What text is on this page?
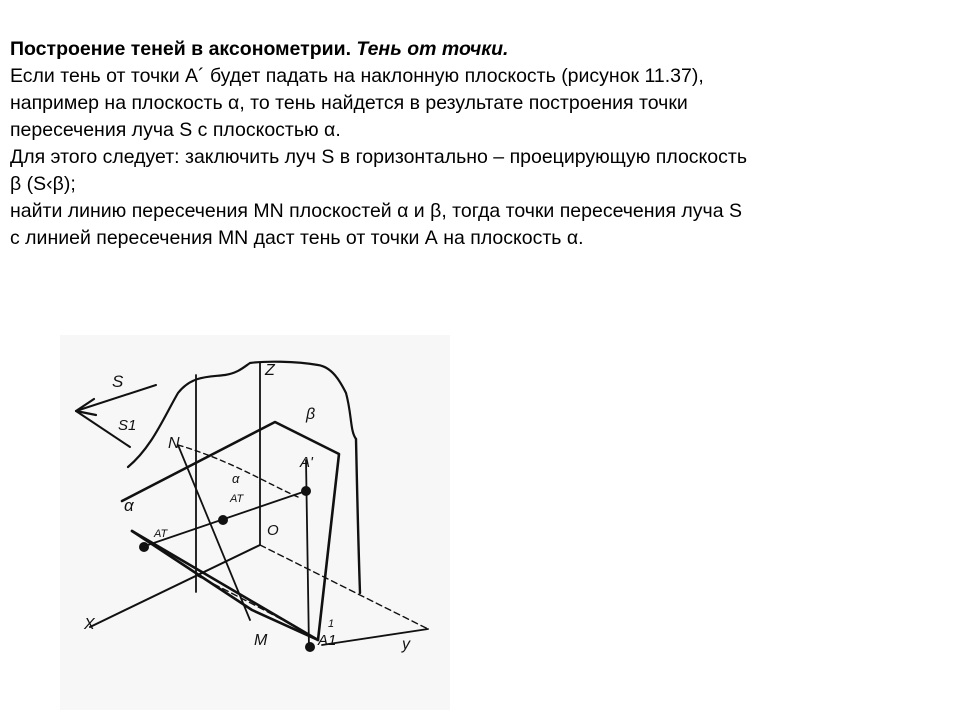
Построение теней в аксонометрии. Тень от точки.
Если тень от точки А´ будет падать на наклонную плоскость (рисунок 11.37),
например на плоскость α, то тень найдется в результате построения точки
пересечения луча S с плоскостью α.
Для этого следует: заключить луч S в горизонтально – проецирующую плоскость
β (S‹β);
найти линию пересечения MN плоскостей α и β, тогда точки пересечения луча S
с линией пересечения MN даст тень от точки А на плоскость α.
S
S1
Z
β
N
A'
α
AT
α
AT	O
X
M	A1
1
y
